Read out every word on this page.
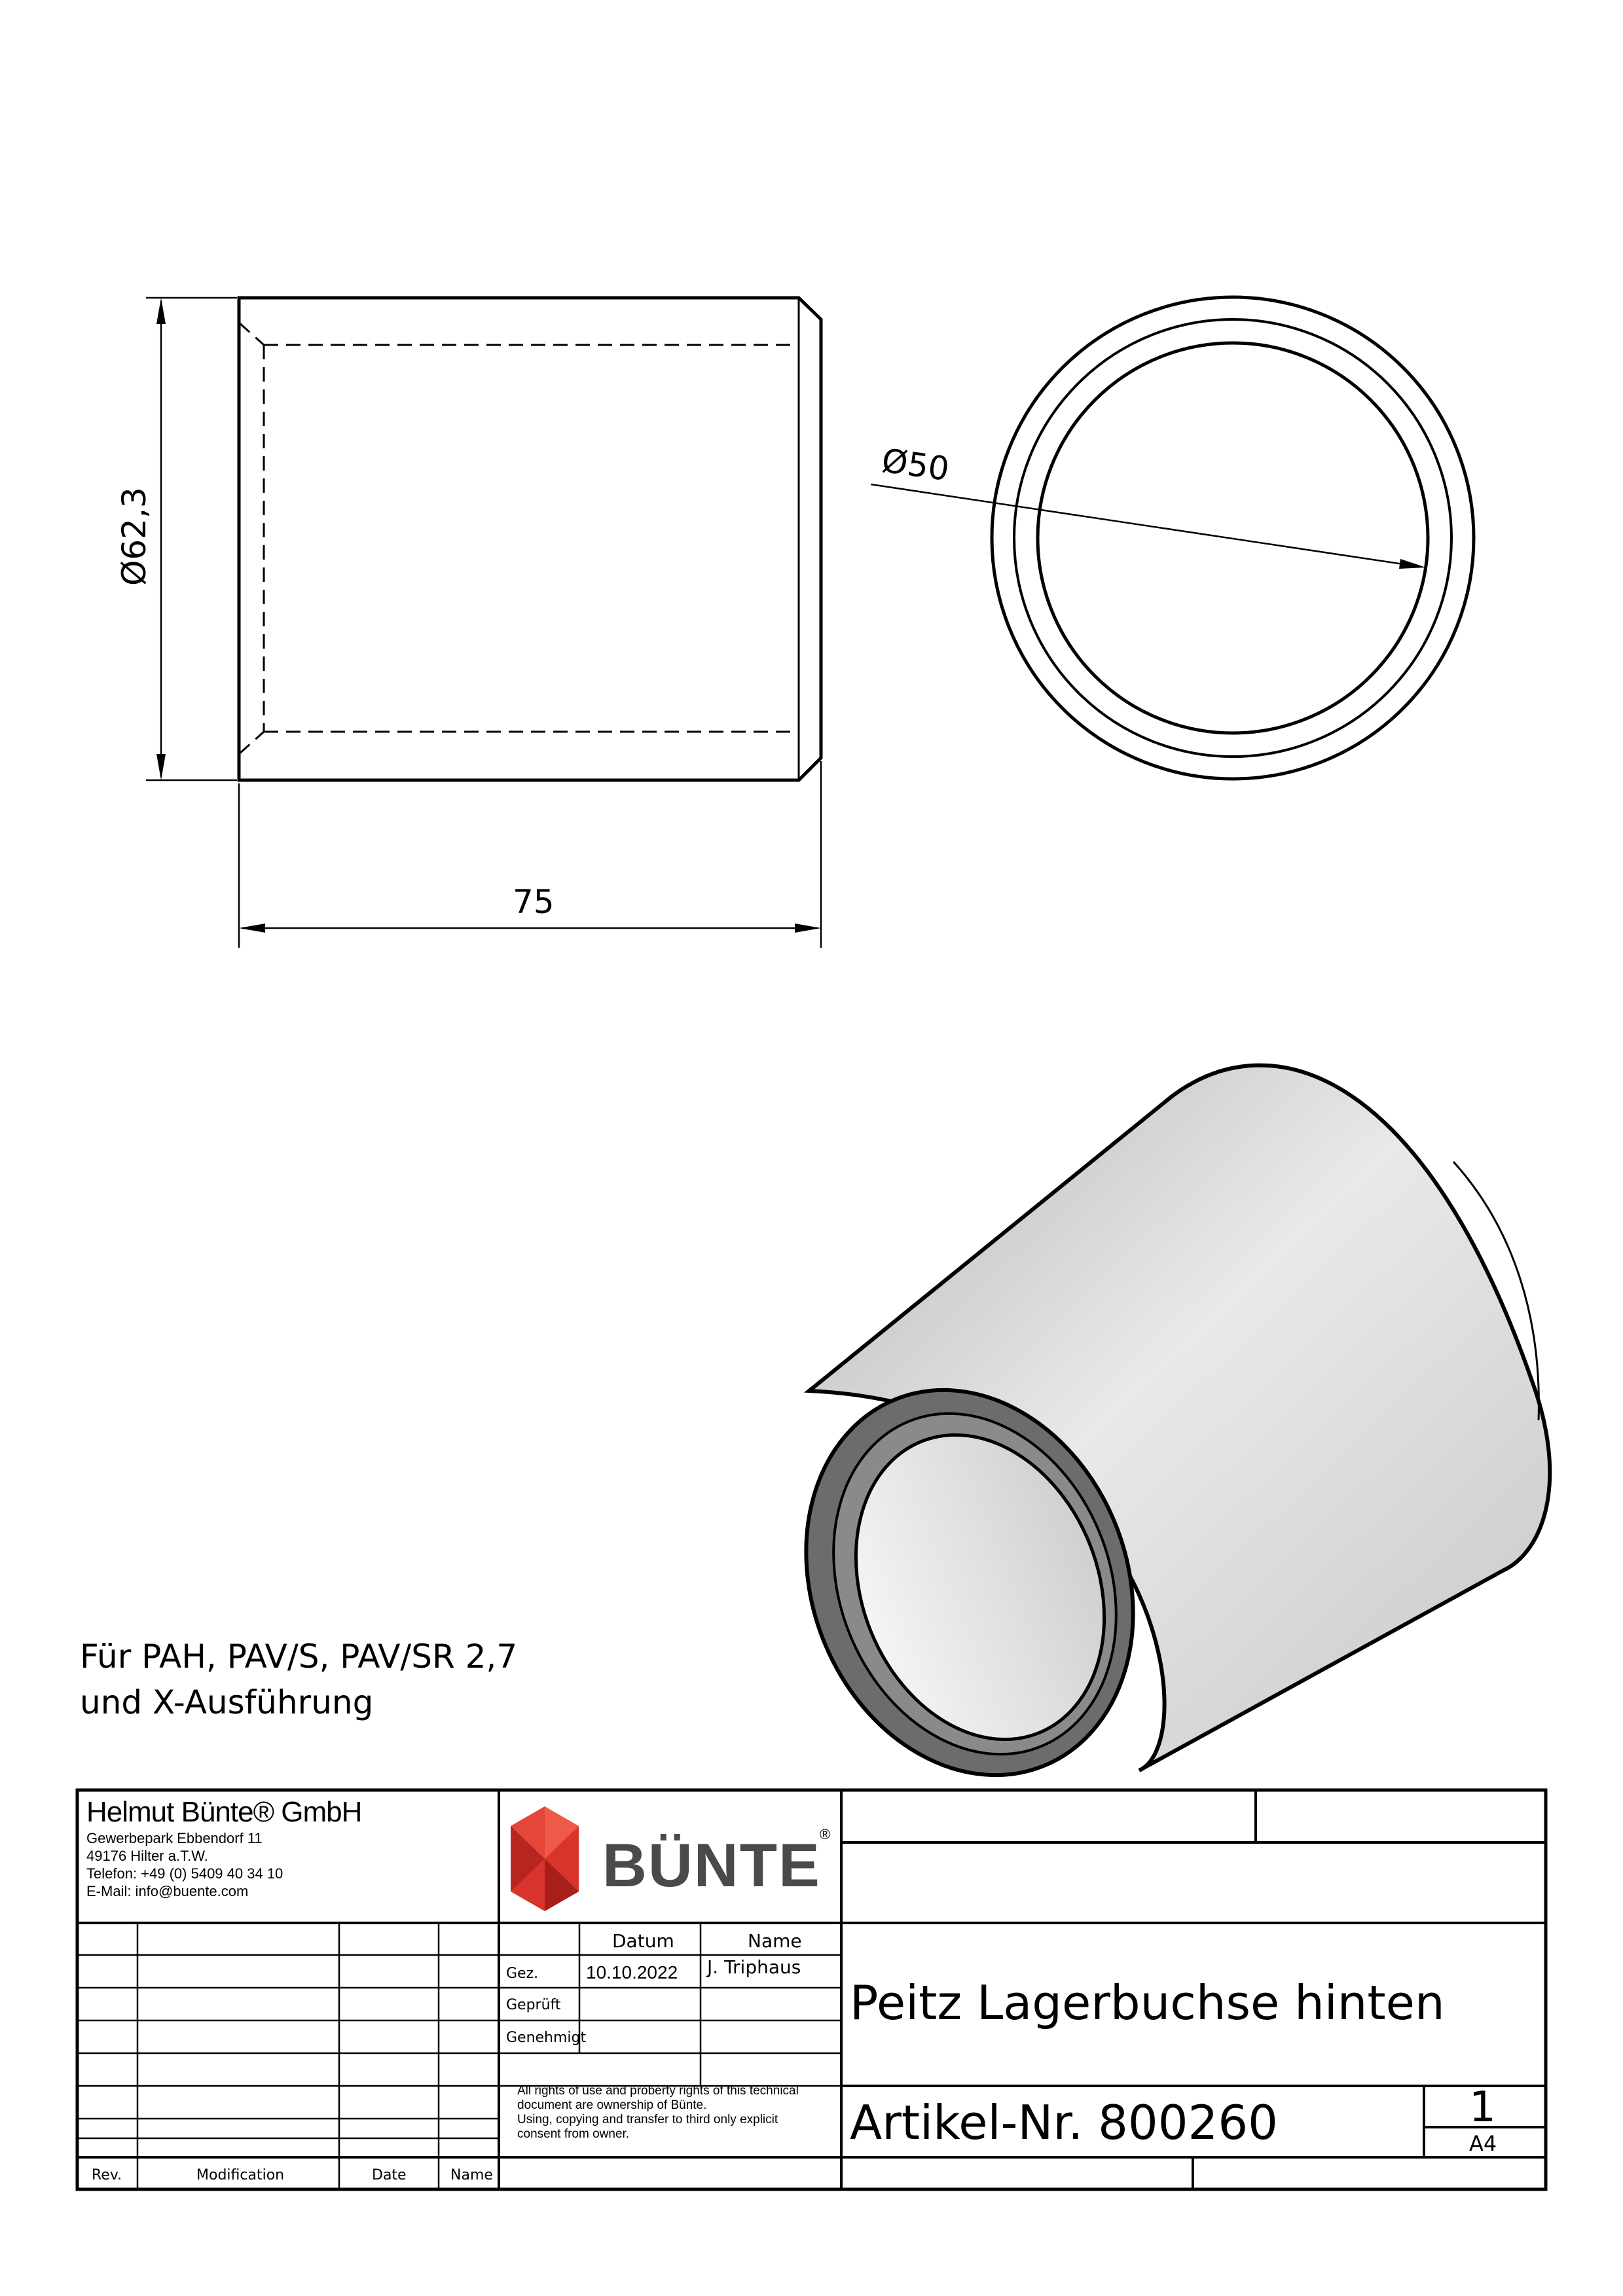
Ø62,3
75
Ø50
Für PAH, PAV/S, PAV/SR 2,7
und X-Ausführung
Helmut Bünte® GmbH
Gewerbepark Ebbendorf 11
49176 Hilter a.T.W.
Telefon: +49 (0) 5409 40 34 10
E-Mail: info@buente.com	BÜNTE
®
Datum	Name
Gez.	10.10.2022 J. Triphaus
Geprüft
Genehmigt
All rights of use and proberty rights of this technical
document are ownership of Bünte.
Using, copying and transfer to third only explicit
consent from owner.
Rev.	Modification	Date	Name
Peitz Lagerbuchse hinten
Artikel-Nr. 800260	1
A4
